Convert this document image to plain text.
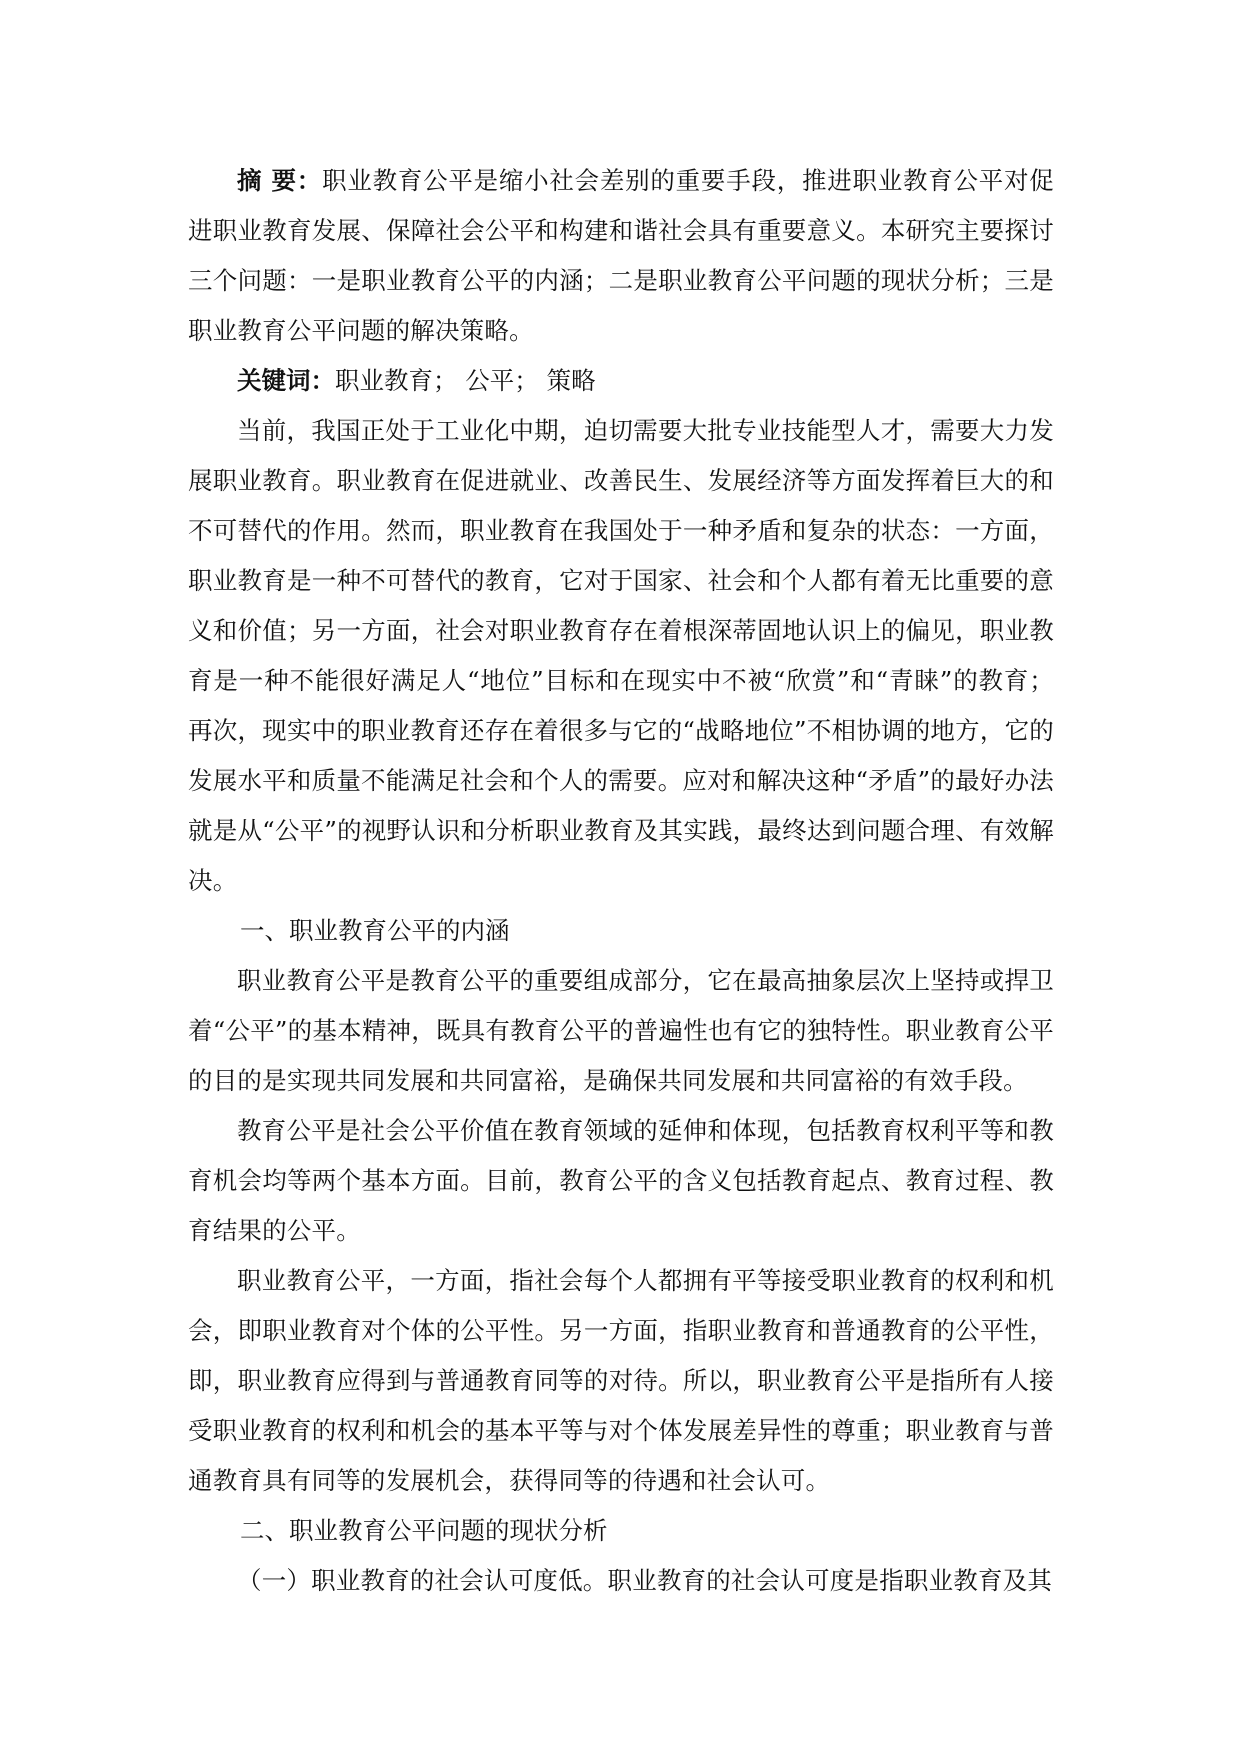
摘 要：职业教育公平是缩小社会差别的重要手段，推进职业教育公平对促进职业教育发展、保障社会公平和构建和谐社会具有重要意义。本研究主要探讨三个问题：一是职业教育公平的内涵；二是职业教育公平问题的现状分析；三是职业教育公平问题的解决策略。

关键词：职业教育； 公平； 策略

当前，我国正处于工业化中期，迫切需要大批专业技能型人才，需要大力发展职业教育。职业教育在促进就业、改善民生、发展经济等方面发挥着巨大的和不可替代的作用。然而，职业教育在我国处于一种矛盾和复杂的状态：一方面，职业教育是一种不可替代的教育，它对于国家、社会和个人都有着无比重要的意义和价值；另一方面，社会对职业教育存在着根深蒂固地认识上的偏见，职业教育是一种不能很好满足人“地位”目标和在现实中不被“欣赏”和“青睐”的教育；再次，现实中的职业教育还存在着很多与它的“战略地位”不相协调的地方，它的发展水平和质量不能满足社会和个人的需要。应对和解决这种“矛盾”的最好办法就是从“公平”的视野认识和分析职业教育及其实践，最终达到问题合理、有效解决。

一、职业教育公平的内涵

职业教育公平是教育公平的重要组成部分，它在最高抽象层次上坚持或捍卫着“公平”的基本精神，既具有教育公平的普遍性也有它的独特性。职业教育公平的目的是实现共同发展和共同富裕，是确保共同发展和共同富裕的有效手段。

教育公平是社会公平价值在教育领域的延伸和体现，包括教育权利平等和教育机会均等两个基本方面。目前，教育公平的含义包括教育起点、教育过程、教育结果的公平。

职业教育公平，一方面，指社会每个人都拥有平等接受职业教育的权利和机会，即职业教育对个体的公平性。另一方面，指职业教育和普通教育的公平性，即，职业教育应得到与普通教育同等的对待。所以，职业教育公平是指所有人接受职业教育的权利和机会的基本平等与对个体发展差异性的尊重；职业教育与普通教育具有同等的发展机会，获得同等的待遇和社会认可。

二、职业教育公平问题的现状分析

（一）职业教育的社会认可度低。职业教育的社会认可度是指职业教育及其
